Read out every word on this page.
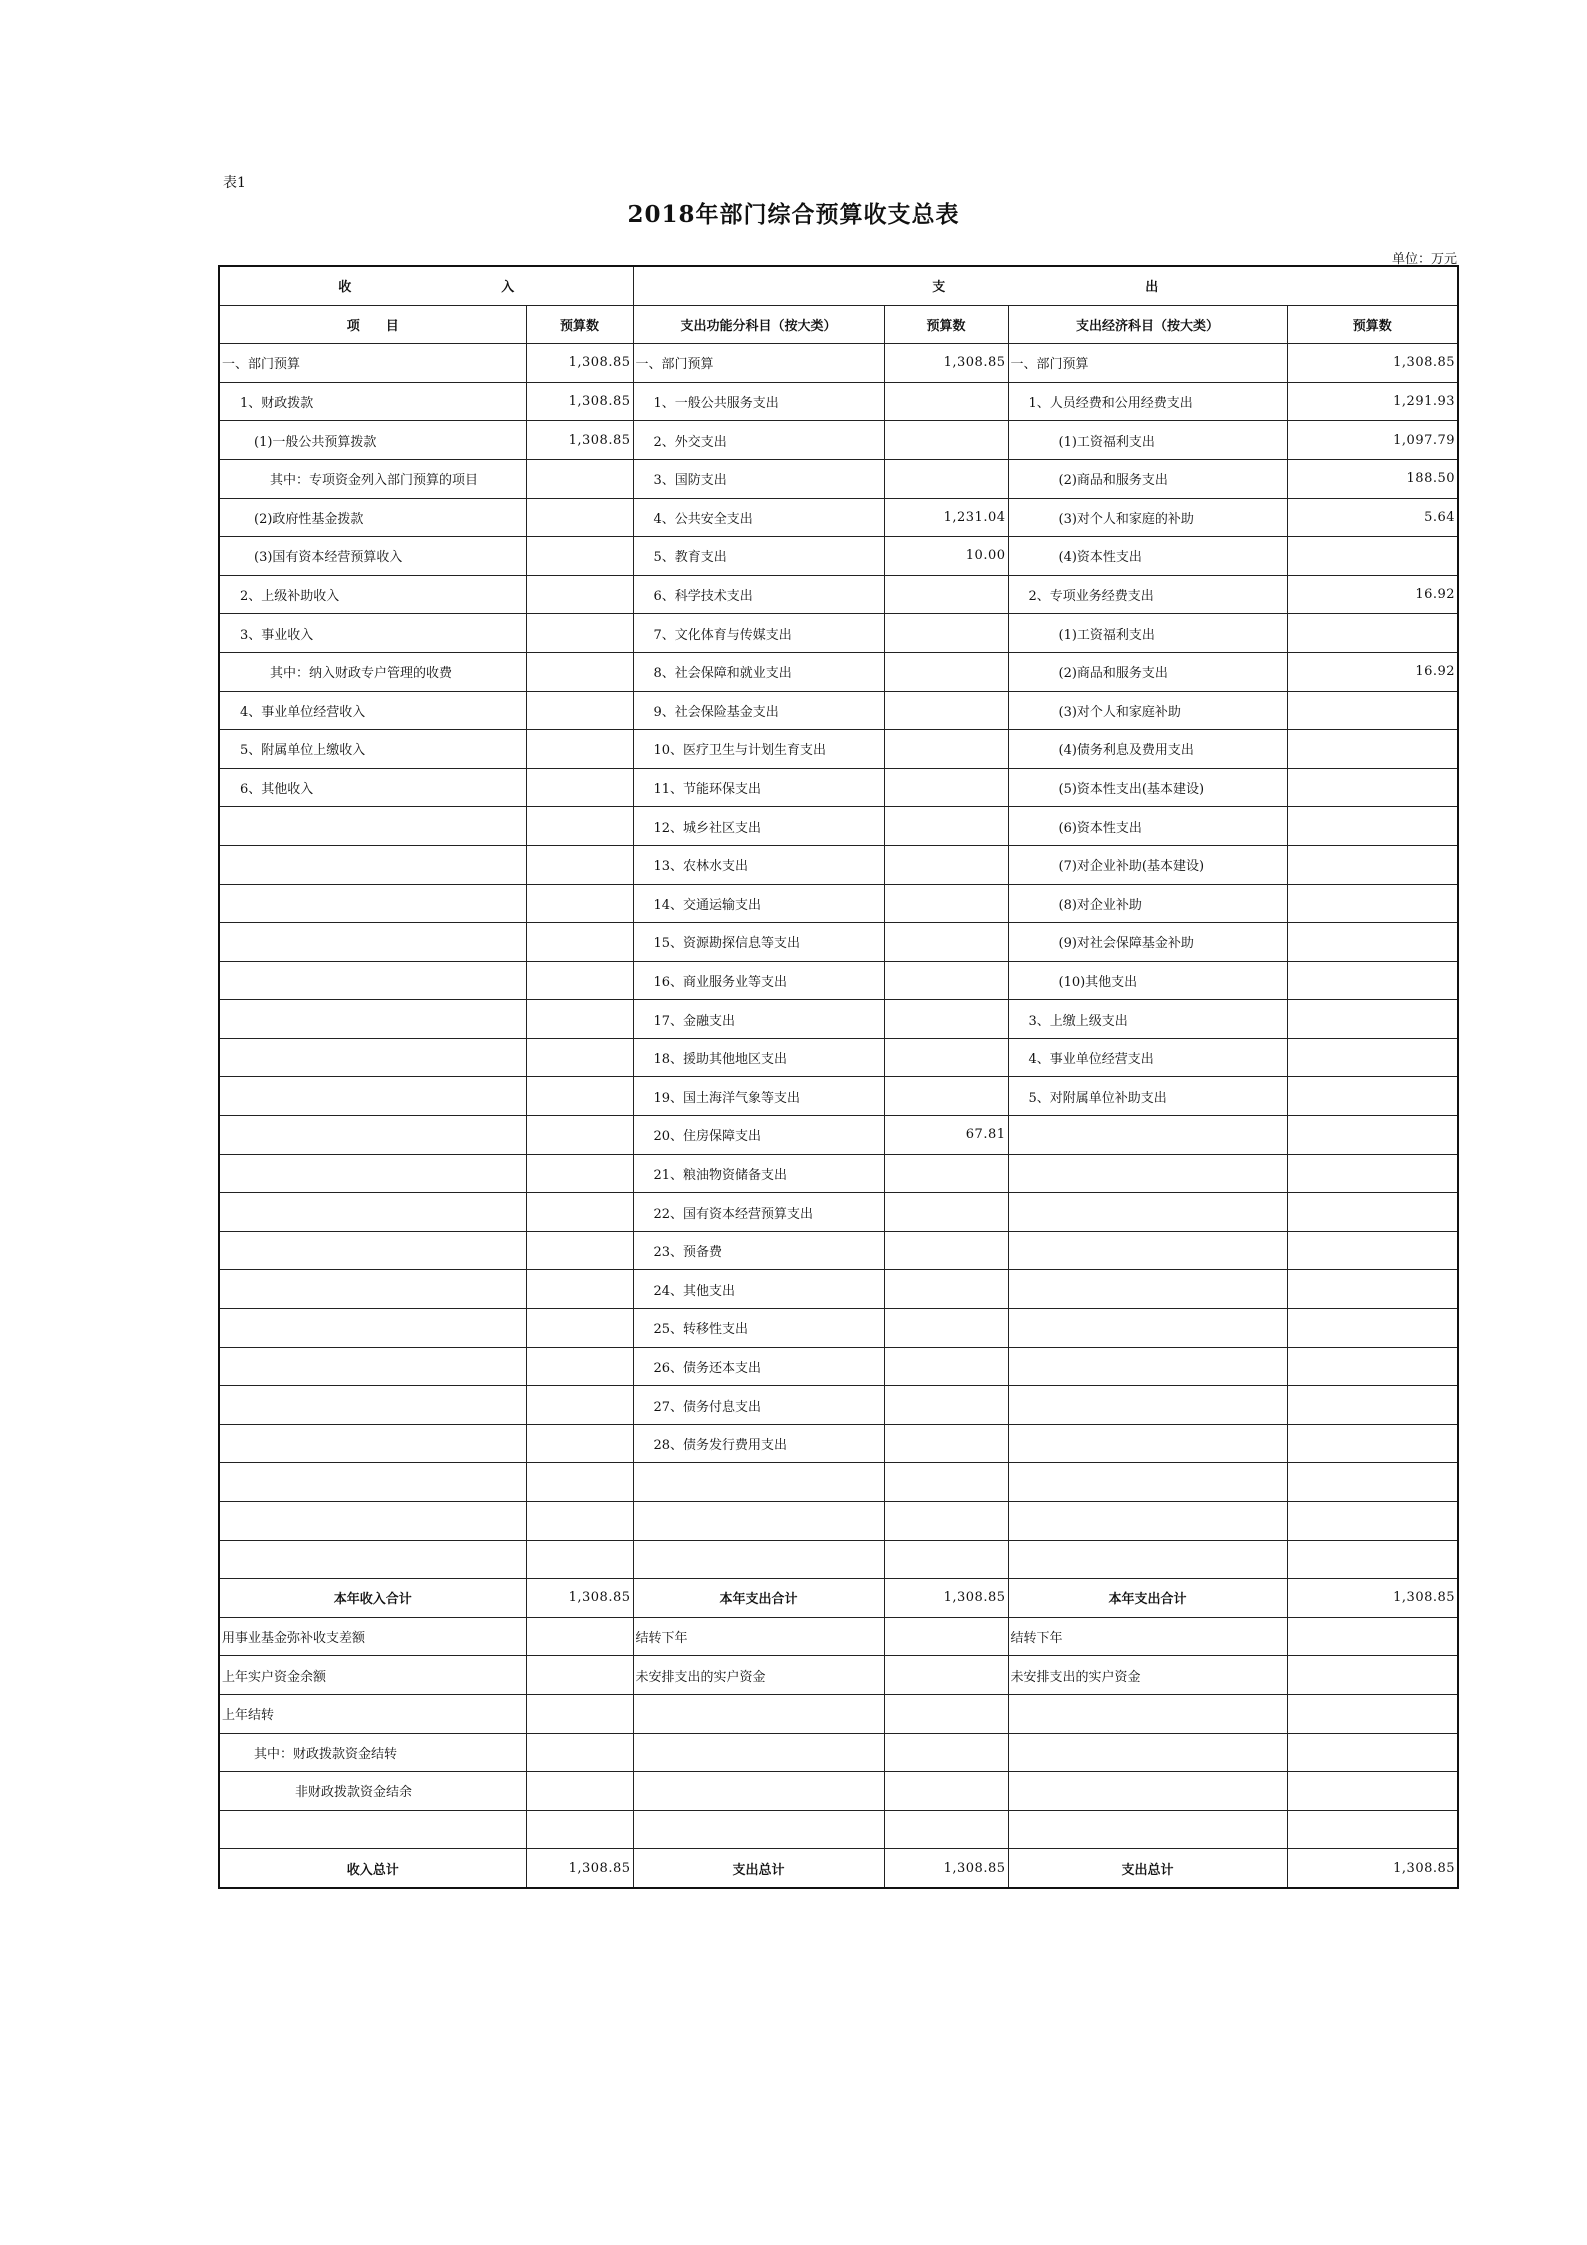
表1
2018年部门综合预算收支总表
单位：万元
收 入		支 出			
项　　目	预算数	支出功能分科目（按大类）	预算数	支出经济科目（按大类）	预算数
一、部门预算	1,308.85	一、部门预算	1,308.85	一、部门预算	1,308.85
1、财政拨款	1,308.85	1、一般公共服务支出		1、人员经费和公用经费支出	1,291.93
(1)一般公共预算拨款	1,308.85	2、外交支出		(1)工资福利支出	1,097.79
其中：专项资金列入部门预算的项目		3、国防支出		(2)商品和服务支出	188.50
(2)政府性基金拨款		4、公共安全支出	1,231.04	(3)对个人和家庭的补助	5.64
(3)国有资本经营预算收入		5、教育支出	10.00	(4)资本性支出	
2、上级补助收入		6、科学技术支出		2、专项业务经费支出	16.92
3、事业收入		7、文化体育与传媒支出		(1)工资福利支出	
其中：纳入财政专户管理的收费		8、社会保障和就业支出		(2)商品和服务支出	16.92
4、事业单位经营收入		9、社会保险基金支出		(3)对个人和家庭补助	
5、附属单位上缴收入		10、医疗卫生与计划生育支出		(4)债务利息及费用支出	
6、其他收入		11、节能环保支出		(5)资本性支出(基本建设)	
		12、城乡社区支出		(6)资本性支出	
		13、农林水支出		(7)对企业补助(基本建设)	
		14、交通运输支出		(8)对企业补助	
		15、资源勘探信息等支出		(9)对社会保障基金补助	
		16、商业服务业等支出		(10)其他支出	
		17、金融支出		3、上缴上级支出	
		18、援助其他地区支出		4、事业单位经营支出	
		19、国土海洋气象等支出		5、对附属单位补助支出	
		20、住房保障支出	67.81		
		21、粮油物资储备支出			
		22、国有资本经营预算支出			
		23、预备费			
		24、其他支出			
		25、转移性支出			
		26、债务还本支出			
		27、债务付息支出			
		28、债务发行费用支出			

本年收入合计	1,308.85	本年支出合计	1,308.85	本年支出合计	1,308.85
用事业基金弥补收支差额		结转下年		结转下年	
上年实户资金余额		未安排支出的实户资金		未安排支出的实户资金	
上年结转					
其中：财政拨款资金结转					
非财政拨款资金结余					

收入总计	1,308.85	支出总计	1,308.85	支出总计	1,308.85
